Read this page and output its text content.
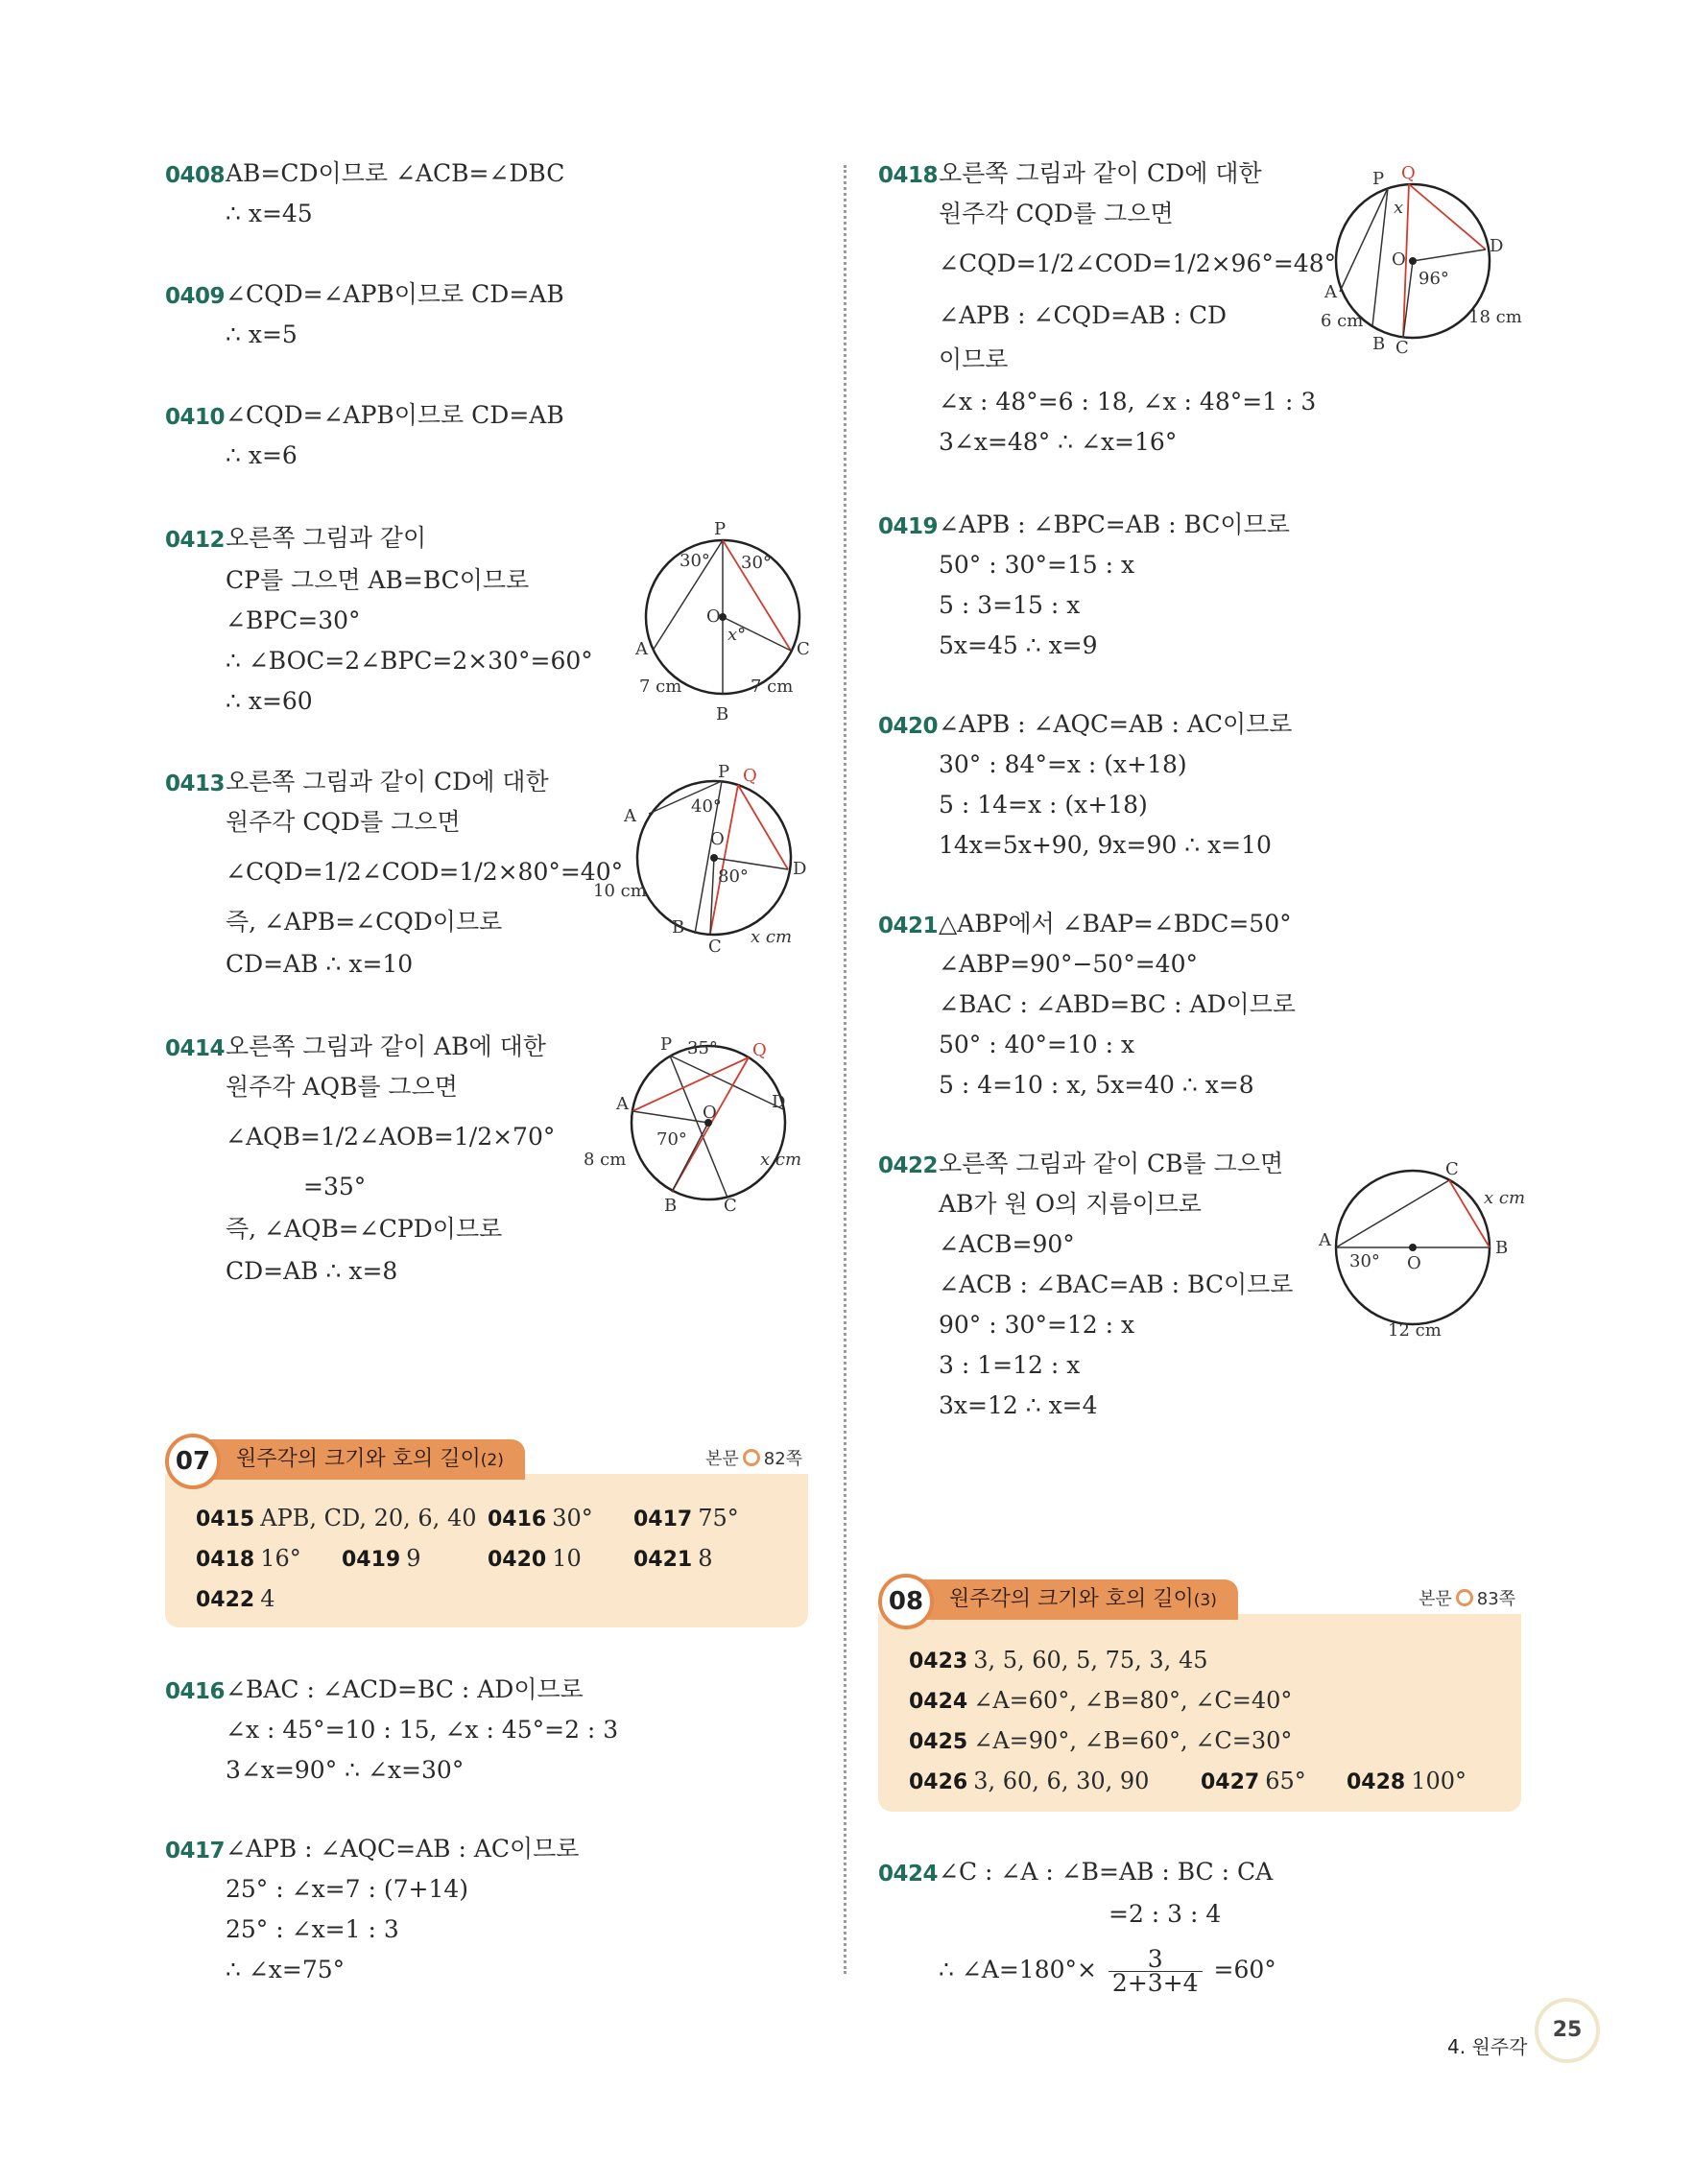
0408 AB=CD이므로 ∠ACB=∠DBC
∴ x=45
0409 ∠CQD=∠APB이므로 CD=AB
∴ x=5
0410 ∠CQD=∠APB이므로 CD=AB
∴ x=6
0412 오른쪽 그림과 같이
CP를 그으면 AB=BC이므로
∠BPC=30°
∴ ∠BOC=2∠BPC=2×30°=60°
∴ x=60
0413 오른쪽 그림과 같이 CD에 대한
원주각 CQD를 그으면
∠CQD=1/2∠COD=1/2×80°=40°
즉, ∠APB=∠CQD이므로
CD=AB ∴ x=10
0414 오른쪽 그림과 같이 AB에 대한
원주각 AQB를 그으면
∠AQB=1/2∠AOB=1/2×70°
=35°
즉, ∠AQB=∠CPD이므로
CD=AB ∴ x=8
0416 ∠BAC : ∠ACD=BC : AD이므로
∠x : 45°=10 : 15, ∠x : 45°=2 : 3
3∠x=90° ∴ ∠x=30°
0417 ∠APB : ∠AQC=AB : AC이므로
25° : ∠x=7 : (7+14)
25° : ∠x=1 : 3
∴ ∠x=75°
P
O
A
B
C
x°
30° 30°
7 cm	7 cm
P Q
A
O
B
C
D
40°
80°
10 cm
x cm
P	Q
A	O
B	C
D
35°
70°
8 cm	x cm
0415 APB, CD, 20, 6, 40 0416 30° 0417 75°
0418 16° 0419 9	0420 10 0421 8
0422 4
원주각의 크기와 호의 길이(2)
07	본문 82쪽
0418 오른쪽 그림과 같이 CD에 대한
원주각 CQD를 그으면
∠CQD=1/2∠COD=1/2×96°=48°
∠APB : ∠CQD=AB : CD
이므로
∠x : 48°=6 : 18, ∠x : 48°=1 : 3
3∠x=48° ∴ ∠x=16°
0419 ∠APB : ∠BPC=AB : BC이므로
50° : 30°=15 : x
5 : 3=15 : x
5x=45 ∴ x=9
0420 ∠APB : ∠AQC=AB : AC이므로
30° : 84°=x : (x+18)
5 : 14=x : (x+18)
14x=5x+90, 9x=90 ∴ x=10
0421 △ABP에서 ∠BAP=∠BDC=50°
∠ABP=90°−50°=40°
∠BAC : ∠ABD=BC : AD이므로
50° : 40°=10 : x
5 : 4=10 : x, 5x=40 ∴ x=8
0422 오른쪽 그림과 같이 CB를 그으면
AB가 원 O의 지름이므로
∠ACB=90°
∠ACB : ∠BAC=AB : BC이므로
90° : 30°=12 : x
3 : 1=12 : x
3x=12 ∴ x=4
0424 ∠C : ∠A : ∠B=AB : BC : CA
=2 : 3 : 4
∴ ∠A=180°× $\frac{3}{2+3+4} =60^\circ$
P Q
x
O
96°
A
B C
D
6 cm	18 cm
A	B
C
O
30°
x cm
12 cm
0423 3, 5, 60, 5, 75, 3, 45
0424 ∠A=60°, ∠B=80°, ∠C=40°
0425 ∠A=90°, ∠B=60°, ∠C=30°
0426 3, 60, 6, 30, 90 0427 65° 0428 100°
원주각의 크기와 호의 길이(3)
08	본문 83쪽
4. 원주각
25
